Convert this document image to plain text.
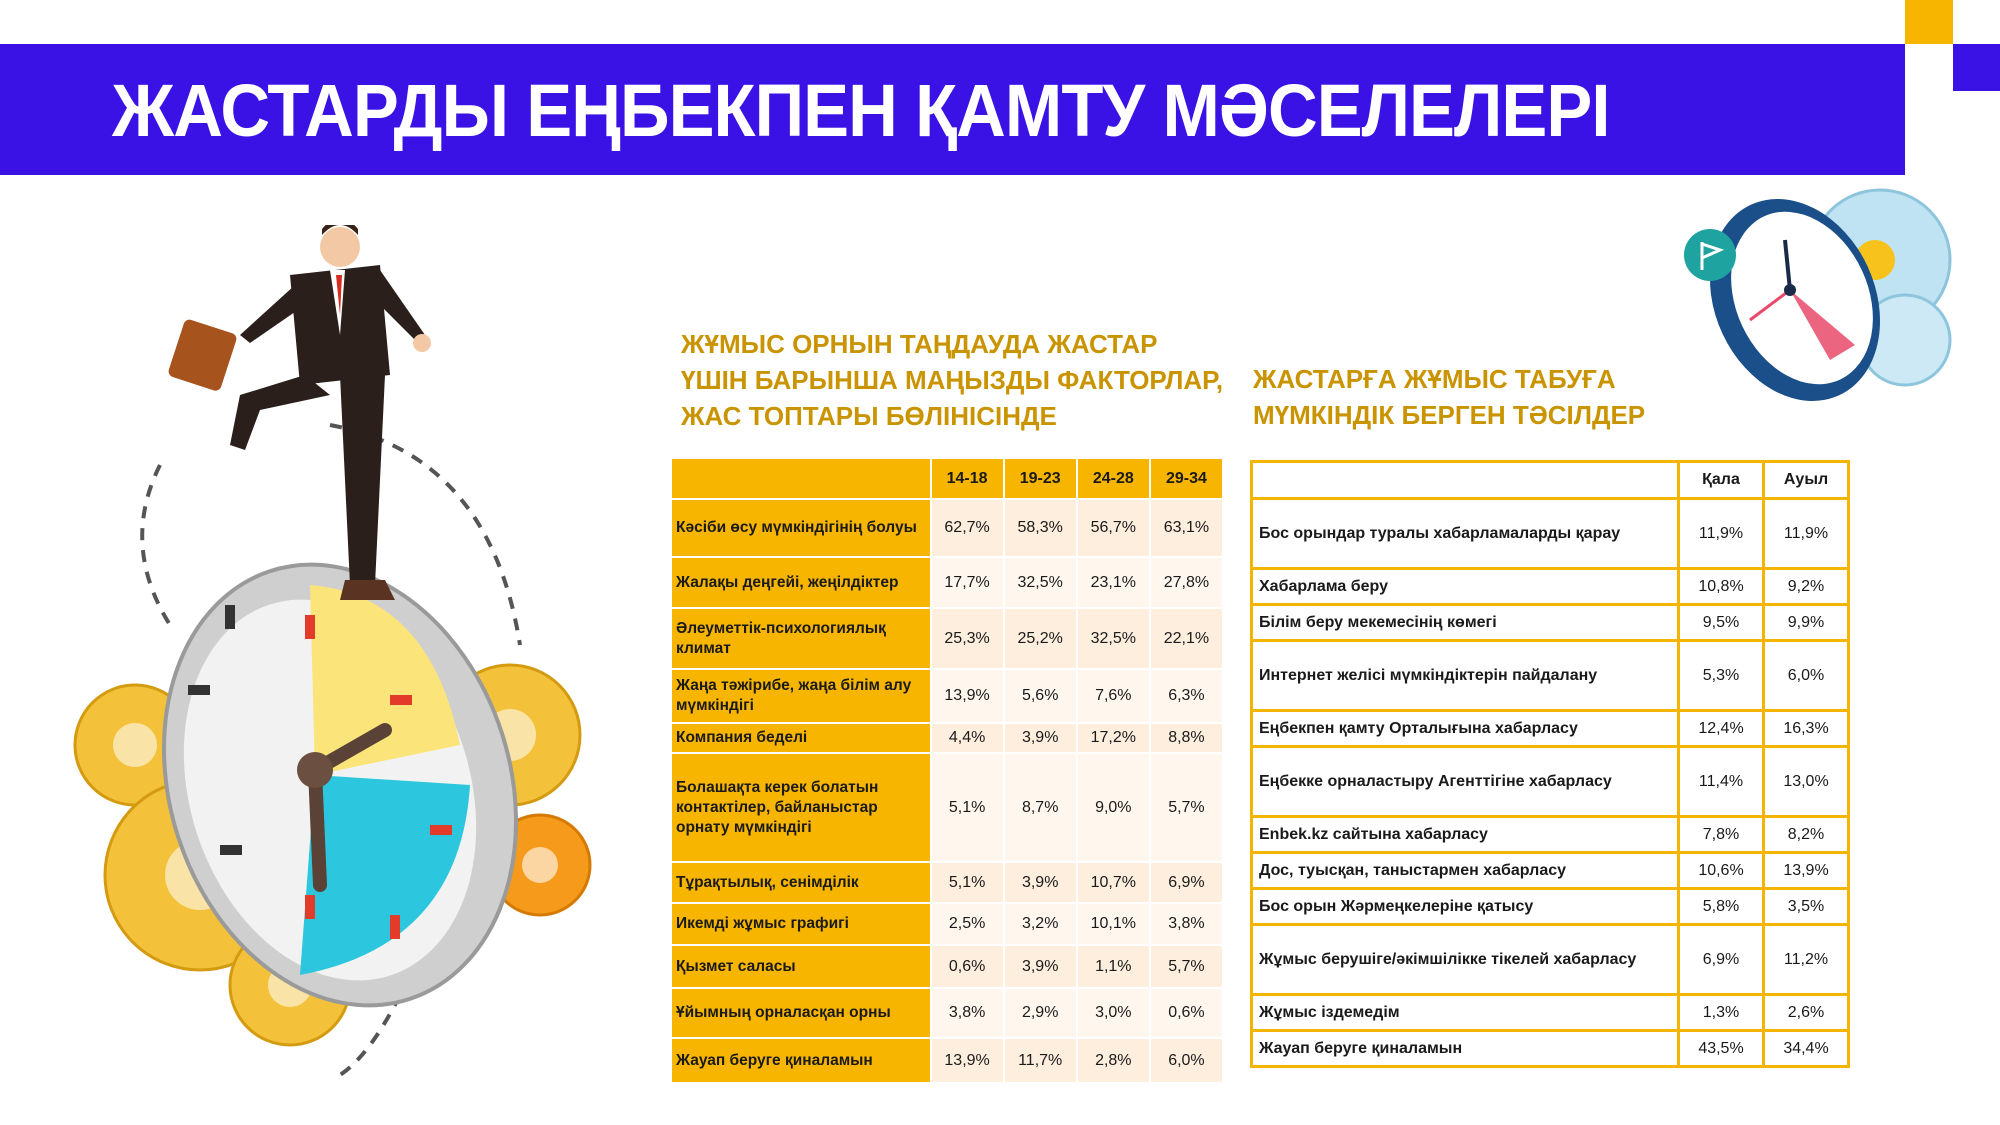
ЖАСТАРДЫ ЕҢБЕКПЕН ҚАМТУ МӘСЕЛЕЛЕРІ
ЖҰМЫС ОРНЫН ТАҢДАУДА ЖАСТАР
ҮШІН БАРЫНША МАҢЫЗДЫ ФАКТОРЛАР,
ЖАС ТОПТАРЫ БӨЛІНІСІНДЕ
ЖАСТАРҒА ЖҰМЫС ТАБУҒА
МҮМКІНДІК БЕРГЕН ТӘСІЛДЕР
	14-18	19-23	24-28	29-34
Кәсіби өсу мүмкіндігінің болуы	62,7%	58,3%	56,7%	63,1%
Жалақы деңгейі, жеңілдіктер	17,7%	32,5%	23,1%	27,8%
Әлеуметтік-психологиялық климат	25,3%	25,2%	32,5%	22,1%
Жаңа тәжірибе, жаңа білім алу мүмкіндігі	13,9%	5,6%	7,6%	6,3%
Компания беделі	4,4%	3,9%	17,2%	8,8%
Болашақта керек болатын контактілер, байланыстар орнату мүмкіндігі	5,1%	8,7%	9,0%	5,7%
Тұрақтылық, сенімділік	5,1%	3,9%	10,7%	6,9%
Икемді жұмыс графигі	2,5%	3,2%	10,1%	3,8%
Қызмет саласы	0,6%	3,9%	1,1%	5,7%
Ұйымның орналасқан орны	3,8%	2,9%	3,0%	0,6%
Жауап беруге қиналамын	13,9%	11,7%	2,8%	6,0%
	Қала	Ауыл
Бос орындар туралы хабарламаларды қарау	11,9%	11,9%
Хабарлама беру	10,8%	9,2%
Білім беру мекемесінің көмегі	9,5%	9,9%
Интернет желісі мүмкіндіктерін пайдалану	5,3%	6,0%
Еңбекпен қамту Орталығына хабарласу	12,4%	16,3%
Еңбекке орналастыру Агенттігіне хабарласу	11,4%	13,0%
Enbek.kz сайтына хабарласу	7,8%	8,2%
Дос, туысқан, таныстармен хабарласу	10,6%	13,9%
Бос орын Жәрмеңкелеріне қатысу	5,8%	3,5%
Жұмыс берушіге/әкімшілікке тікелей хабарласу	6,9%	11,2%
Жұмыс іздемедім	1,3%	2,6%
Жауап беруге қиналамын	43,5%	34,4%
